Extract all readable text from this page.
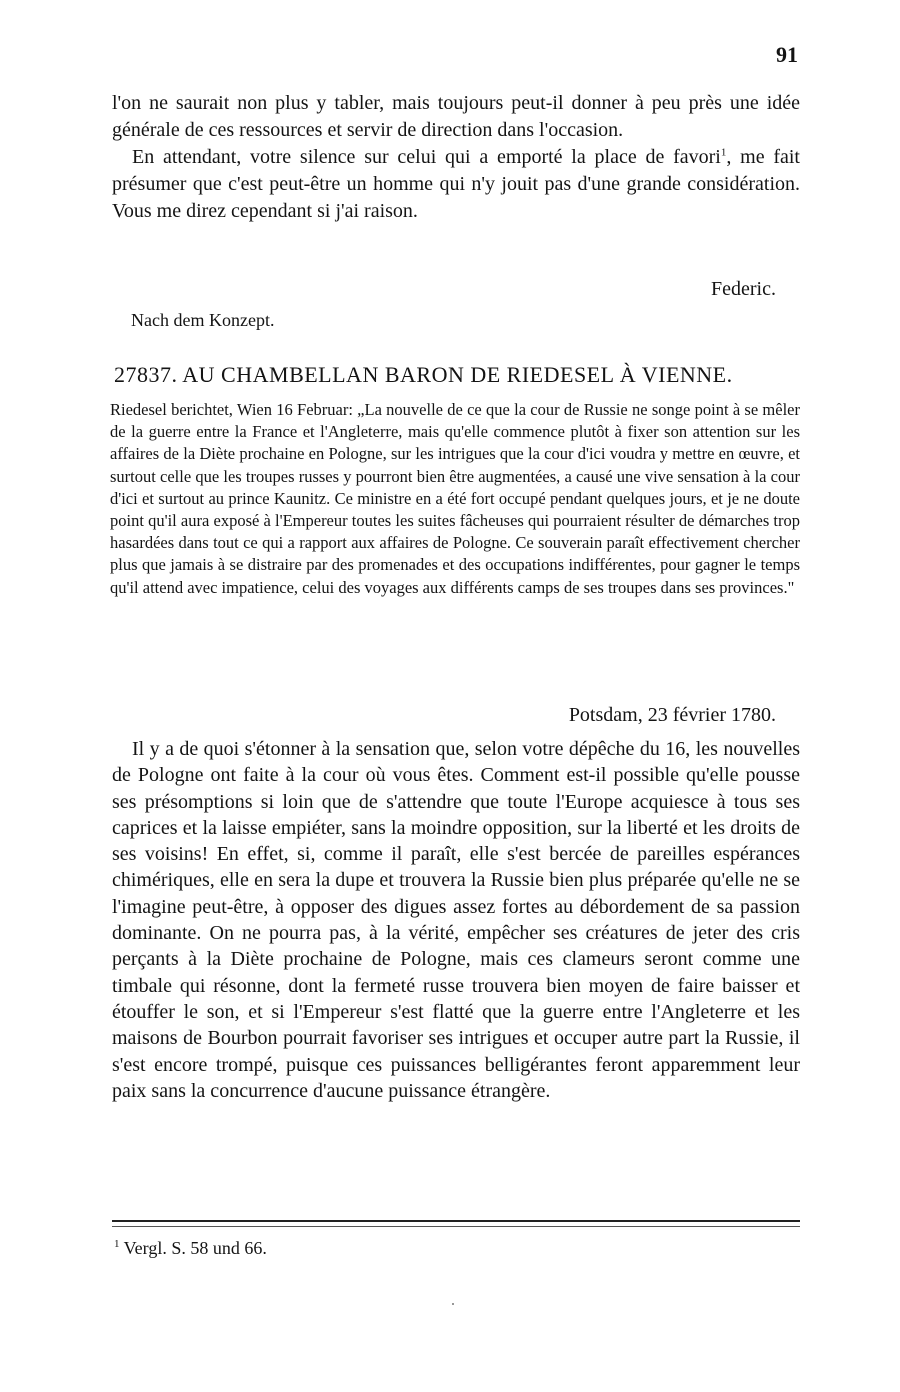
91

l'on ne saurait non plus y tabler, mais toujours peut-il donner à peu près une idée générale de ces ressources et servir de direction dans l'occasion.

En attendant, votre silence sur celui qui a emporté la place de favori$^1$, me fait présumer que c'est peut-être un homme qui n'y jouit pas d'une grande considération. Vous me direz cependant si j'ai raison.

Federic.
Nach dem Konzept.
27837. AU CHAMBELLAN BARON DE RIEDESEL À VIENNE.

Riedesel berichtet, Wien 16 Februar: „La nouvelle de ce que la cour de Russie ne songe point à se mêler de la guerre entre la France et l'Angleterre, mais qu'elle commence plutôt à fixer son attention sur les affaires de la Diète prochaine en Pologne, sur les intrigues que la cour d'ici voudra y mettre en œuvre, et surtout celle que les troupes russes y pourront bien être augmentées, a causé une vive sensation à la cour d'ici et surtout au prince Kaunitz. Ce ministre en a été fort occupé pendant quelques jours, et je ne doute point qu'il aura exposé à l'Empereur toutes les suites fâcheuses qui pourraient résulter de démarches trop hasardées dans tout ce qui a rapport aux affaires de Pologne. Ce souverain paraît effectivement chercher plus que jamais à se distraire par des promenades et des occupations indifférentes, pour gagner le temps qu'il attend avec impatience, celui des voyages aux différents camps de ses troupes dans ses provinces."

Potsdam, 23 février 1780.

Il y a de quoi s'étonner à la sensation que, selon votre dépêche du 16, les nouvelles de Pologne ont faite à la cour où vous êtes. Comment est-il possible qu'elle pousse ses présomptions si loin que de s'attendre que toute l'Europe acquiesce à tous ses caprices et la laisse empiéter, sans la moindre opposition, sur la liberté et les droits de ses voisins! En effet, si, comme il paraît, elle s'est bercée de pareilles espérances chimériques, elle en sera la dupe et trouvera la Russie bien plus préparée qu'elle ne se l'imagine peut-être, à opposer des digues assez fortes au débordement de sa passion dominante. On ne pourra pas, à la vérité, empêcher ses créatures de jeter des cris perçants à la Diète prochaine de Pologne, mais ces clameurs seront comme une timbale qui résonne, dont la fermeté russe trouvera bien moyen de faire baisser et étouffer le son, et si l'Empereur s'est flatté que la guerre entre l'Angleterre et les maisons de Bourbon pourrait favoriser ses intrigues et occuper autre part la Russie, il s'est encore trompé, puisque ces puissances belligérantes feront apparemment leur paix sans la concurrence d'aucune puissance étrangère.

$^1$ Vergl. S. 58 und 66.
